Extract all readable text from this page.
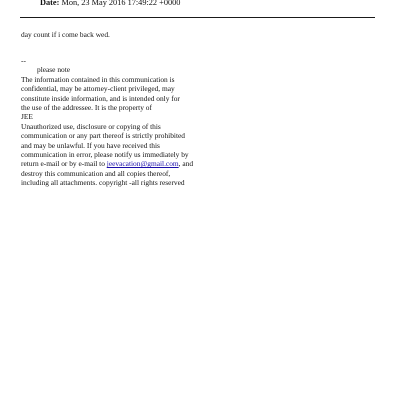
Date: Mon, 23 May 2016 17:49:22 +0000
day count if i come back wed.
--
please note
The information contained in this communication is
confidential, may be attorney-client privileged, may
constitute inside information, and is intended only for
the use of the addressee. It is the property of
JEE
Unauthorized use, disclosure or copying of this
communication or any part thereof is strictly prohibited
and may be unlawful. If you have received this
communication in error, please notify us immediately by
return e-mail or by e-mail to jeevacation@gmail.com, and
destroy this communication and all copies thereof,
including all attachments. copyright -all rights reserved
